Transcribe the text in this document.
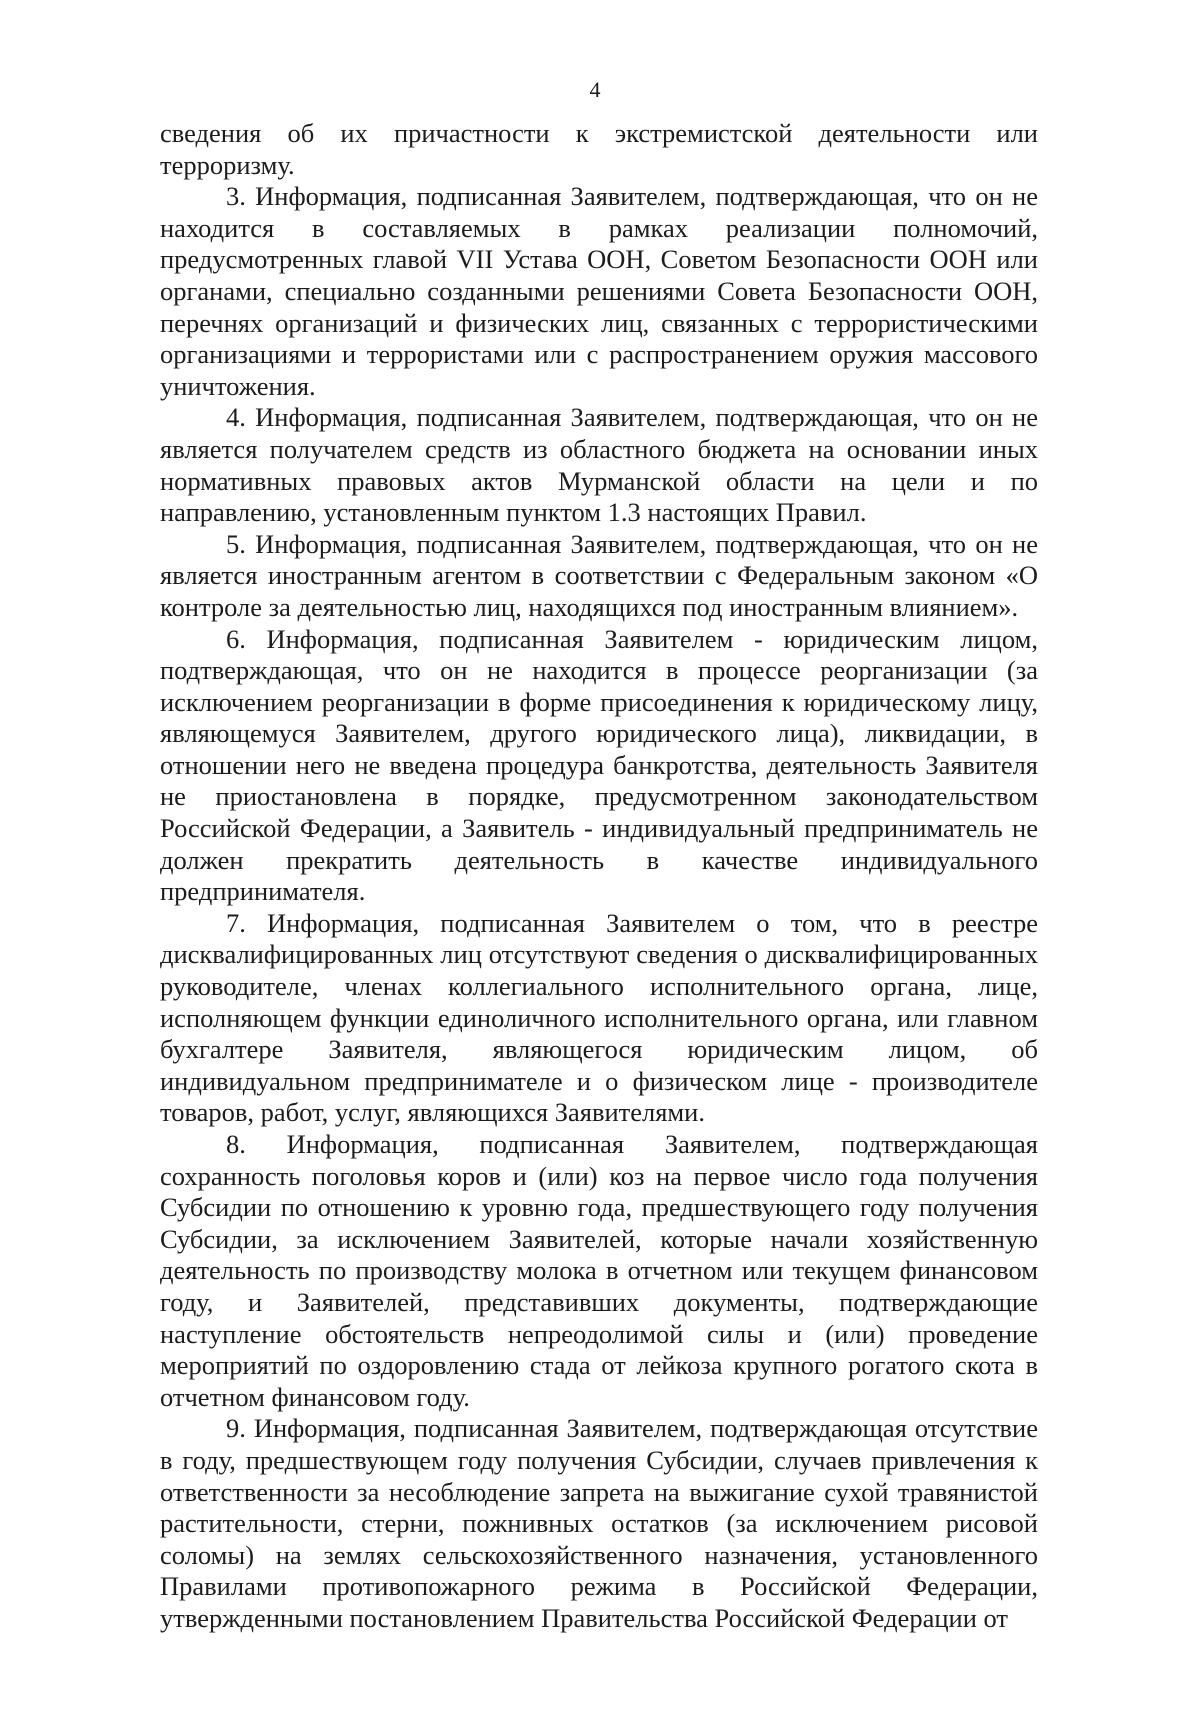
4

сведения об их причастности к экстремистской деятельности или терроризму.

3. Информация, подписанная Заявителем, подтверждающая, что он не находится в составляемых в рамках реализации полномочий, предусмотренных главой VII Устава ООН, Советом Безопасности ООН или органами, специально созданными решениями Совета Безопасности ООН, перечнях организаций и физических лиц, связанных с террористическими организациями и террористами или с распространением оружия массового уничтожения.

4. Информация, подписанная Заявителем, подтверждающая, что он не является получателем средств из областного бюджета на основании иных нормативных правовых актов Мурманской области на цели и по направлению, установленным пунктом 1.3 настоящих Правил.

5. Информация, подписанная Заявителем, подтверждающая, что он не является иностранным агентом в соответствии с Федеральным законом «О контроле за деятельностью лиц, находящихся под иностранным влиянием».

6. Информация, подписанная Заявителем - юридическим лицом, подтверждающая, что он не находится в процессе реорганизации (за исключением реорганизации в форме присоединения к юридическому лицу, являющемуся Заявителем, другого юридического лица), ликвидации, в отношении него не введена процедура банкротства, деятельность Заявителя не приостановлена в порядке, предусмотренном законодательством Российской Федерации, а Заявитель - индивидуальный предприниматель не должен прекратить деятельность в качестве индивидуального предпринимателя.

7. Информация, подписанная Заявителем о том, что в реестре дисквалифицированных лиц отсутствуют сведения о дисквалифицированных руководителе, членах коллегиального исполнительного органа, лице, исполняющем функции единоличного исполнительного органа, или главном бухгалтере Заявителя, являющегося юридическим лицом, об индивидуальном предпринимателе и о физическом лице - производителе товаров, работ, услуг, являющихся Заявителями.

8. Информация, подписанная Заявителем, подтверждающая сохранность поголовья коров и (или) коз на первое число года получения Субсидии по отношению к уровню года, предшествующего году получения Субсидии, за исключением Заявителей, которые начали хозяйственную деятельность по производству молока в отчетном или текущем финансовом году, и Заявителей, представивших документы, подтверждающие наступление обстоятельств непреодолимой силы и (или) проведение мероприятий по оздоровлению стада от лейкоза крупного рогатого скота в отчетном финансовом году.

9. Информация, подписанная Заявителем, подтверждающая отсутствие в году, предшествующем году получения Субсидии, случаев привлечения к ответственности за несоблюдение запрета на выжигание сухой травянистой растительности, стерни, пожнивных остатков (за исключением рисовой соломы) на землях сельскохозяйственного назначения, установленного Правилами противопожарного режима в Российской Федерации, утвержденными постановлением Правительства Российской Федерации от
